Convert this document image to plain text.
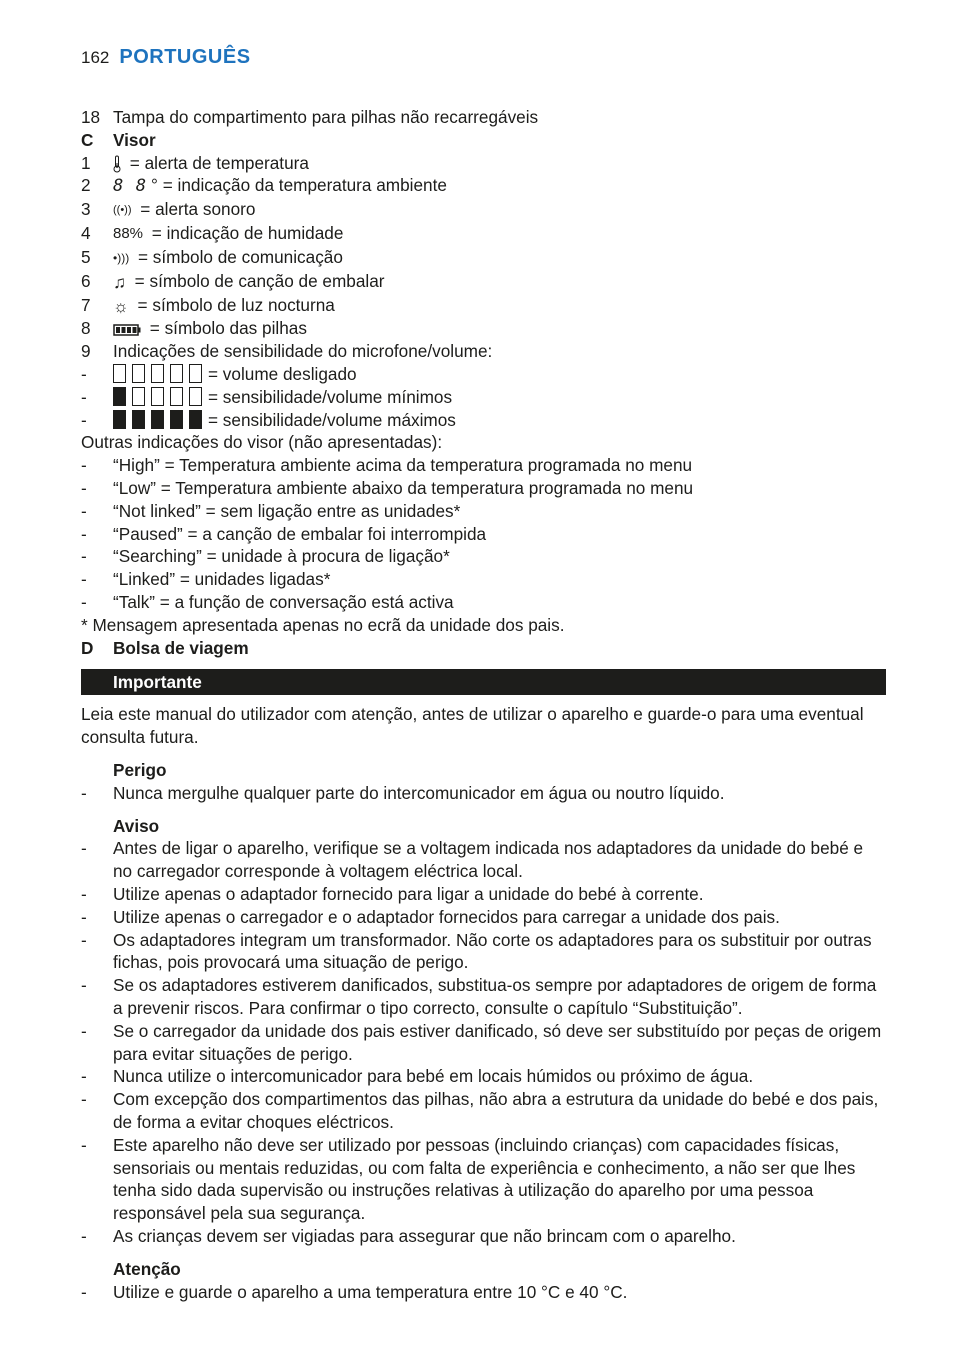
162 PORTUGUÊS
18 Tampa do compartimento para pilhas não recarregáveis
C	Visor
1	= alerta de temperatura
2	8 8 ° = indicação da temperatura ambiente
3	((•)) = alerta sonoro
4	88% = indicação de humidade
5	•))) = símbolo de comunicação
6	♫ = símbolo de canção de embalar
7	☼ = símbolo de luz nocturna
8	= símbolo das pilhas
9	Indicações de sensibilidade do microfone/volume:
-	= volume desligado
-	= sensibilidade/volume mínimos
-	= sensibilidade/volume máximos
Outras indicações do visor (não apresentadas):
-	“High” = Temperatura ambiente acima da temperatura programada no menu
-	“Low” = Temperatura ambiente abaixo da temperatura programada no menu
-	“Not linked” = sem ligação entre as unidades*
-	“Paused” = a canção de embalar foi interrompida
-	“Searching” = unidade à procura de ligação*
-	“Linked” = unidades ligadas*
-	“Talk” = a função de conversação está activa
* Mensagem apresentada apenas no ecrã da unidade dos pais.
D	Bolsa de viagem
Importante
Leia este manual do utilizador com atenção, antes de utilizar o aparelho e guarde-o para uma eventual consulta futura.
Perigo
-	Nunca mergulhe qualquer parte do intercomunicador em água ou noutro líquido.
Aviso
-	Antes de ligar o aparelho, verifique se a voltagem indicada nos adaptadores da unidade do bebé e no carregador corresponde à voltagem eléctrica local.
-	Utilize apenas o adaptador fornecido para ligar a unidade do bebé à corrente.
-	Utilize apenas o carregador e o adaptador fornecidos para carregar a unidade dos pais.
-	Os adaptadores integram um transformador. Não corte os adaptadores para os substituir por outras fichas, pois provocará uma situação de perigo.
-	Se os adaptadores estiverem danificados, substitua-os sempre por adaptadores de origem de forma a prevenir riscos. Para confirmar o tipo correcto, consulte o capítulo “Substituição”.
-	Se o carregador da unidade dos pais estiver danificado, só deve ser substituído por peças de origem para evitar situações de perigo.
-	Nunca utilize o intercomunicador para bebé em locais húmidos ou próximo de água.
-	Com excepção dos compartimentos das pilhas, não abra a estrutura da unidade do bebé e dos pais, de forma a evitar choques eléctricos.
-	Este aparelho não deve ser utilizado por pessoas (incluindo crianças) com capacidades físicas, sensoriais ou mentais reduzidas, ou com falta de experiência e conhecimento, a não ser que lhes tenha sido dada supervisão ou instruções relativas à utilização do aparelho por uma pessoa responsável pela sua segurança.
-	As crianças devem ser vigiadas para assegurar que não brincam com o aparelho.
Atenção
-	Utilize e guarde o aparelho a uma temperatura entre 10 °C e 40 °C.
